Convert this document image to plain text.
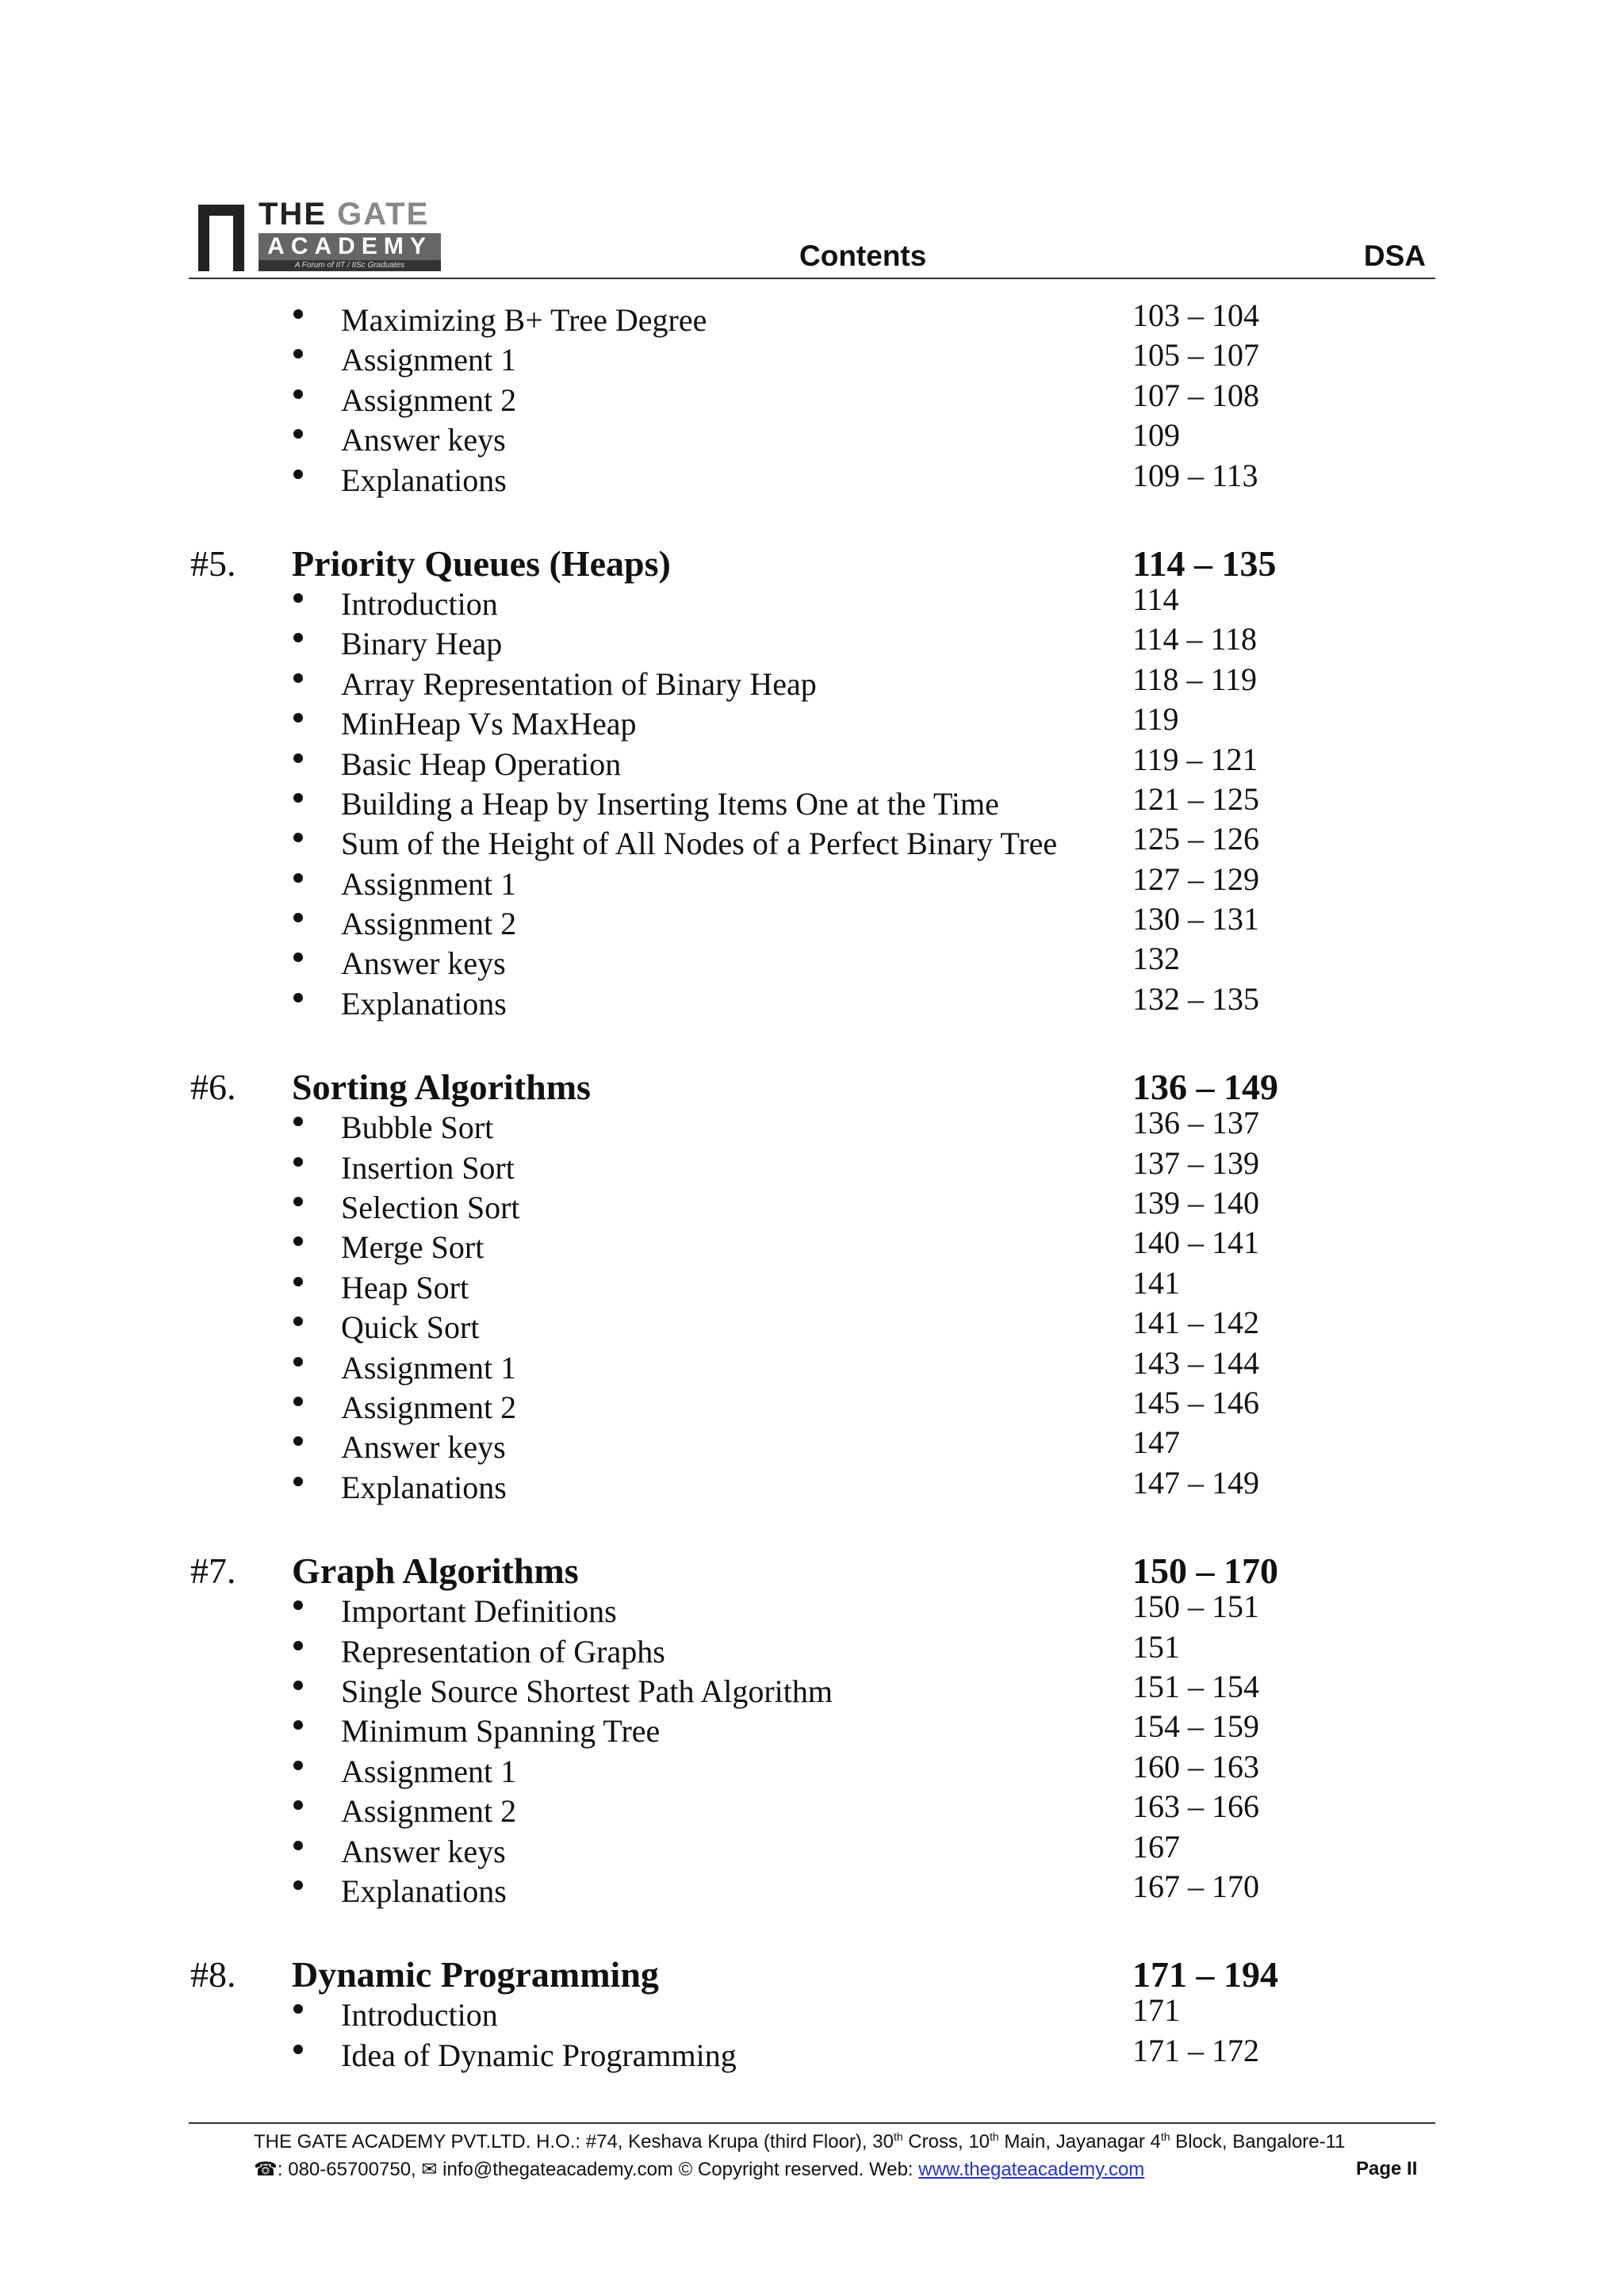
THE GATE
ACADEMY
A Forum of IIT / IISc Graduates	Contents	DSA
Maximizing B+ Tree Degree	103 – 104
Assignment 1	105 – 107
Assignment 2	107 – 108
Answer keys	109
Explanations	109 – 113
#5. Priority Queues (Heaps)	114 – 135
Introduction	114
Binary Heap	114 – 118
Array Representation of Binary Heap	118 – 119
MinHeap Vs MaxHeap	119
Basic Heap Operation	119 – 121
Building a Heap by Inserting Items One at the Time	121 – 125
Sum of the Height of All Nodes of a Perfect Binary Tree 125 – 126
Assignment 1	127 – 129
Assignment 2	130 – 131
Answer keys	132
Explanations	132 – 135
#6. Sorting Algorithms	136 – 149
Bubble Sort	136 – 137
Insertion Sort	137 – 139
Selection Sort	139 – 140
Merge Sort	140 – 141
Heap Sort	141
Quick Sort	141 – 142
Assignment 1	143 – 144
Assignment 2	145 – 146
Answer keys	147
Explanations	147 – 149
#7. Graph Algorithms	150 – 170
Important Definitions	150 – 151
Representation of Graphs	151
Single Source Shortest Path Algorithm	151 – 154
Minimum Spanning Tree	154 – 159
Assignment 1	160 – 163
Assignment 2	163 – 166
Answer keys	167
Explanations	167 – 170
#8. Dynamic Programming	171 – 194
Introduction	171
Idea of Dynamic Programming	171 – 172
THE GATE ACADEMY PVT.LTD. H.O.: #74, Keshava Krupa (third Floor), 30th Cross, 10th Main, Jayanagar 4th Block, Bangalore-11
☎: 080-65700750, ✉ info@thegateacademy.com © Copyright reserved. Web: www.thegateacademy.com	Page II
